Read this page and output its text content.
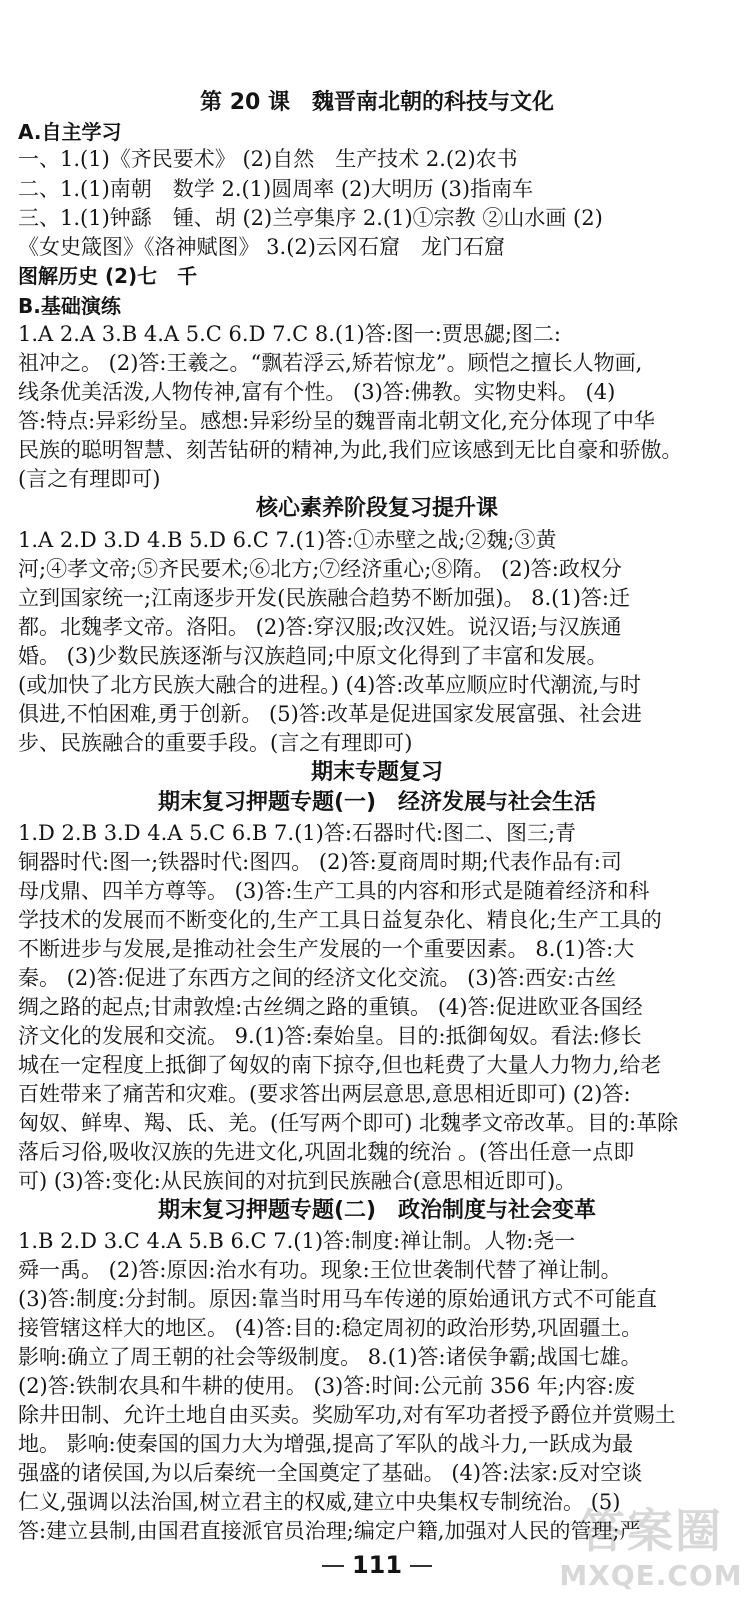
第 20 课　魏晋南北朝的科技与文化
A.自主学习
一、1.(1)《齐民要术》 (2)自然　生产技术 2.(2)农书
二、1.(1)南朝　数学 2.(1)圆周率 (2)大明历 (3)指南车
三、1.(1)钟繇　锺、胡 (2)兰亭集序 2.(1)①宗教 ②山水画 (2)
《女史箴图》《洛神赋图》 3.(2)云冈石窟　龙门石窟
图解历史 (2)七　千
B.基础演练
1.A 2.A 3.B 4.A 5.C 6.D 7.C 8.(1)答:图一:贾思勰;图二:
祖冲之。 (2)答:王羲之。“飘若浮云,矫若惊龙”。顾恺之擅长人物画,
线条优美活泼,人物传神,富有个性。 (3)答:佛教。实物史料。 (4)
答:特点:异彩纷呈。感想:异彩纷呈的魏晋南北朝文化,充分体现了中华
民族的聪明智慧、刻苦钻研的精神,为此,我们应该感到无比自豪和骄傲。
(言之有理即可)
核心素养阶段复习提升课
1.A 2.D 3.D 4.B 5.D 6.C 7.(1)答:①赤壁之战;②魏;③黄
河;④孝文帝;⑤齐民要术;⑥北方;⑦经济重心;⑧隋。 (2)答:政权分
立到国家统一;江南逐步开发(民族融合趋势不断加强)。 8.(1)答:迁
都。北魏孝文帝。洛阳。 (2)答:穿汉服;改汉姓。说汉语;与汉族通
婚。 (3)少数民族逐渐与汉族趋同;中原文化得到了丰富和发展。
(或加快了北方民族大融合的进程。) (4)答:改革应顺应时代潮流,与时
俱进,不怕困难,勇于创新。 (5)答:改革是促进国家发展富强、社会进
步、民族融合的重要手段。(言之有理即可)
期末专题复习
期末复习押题专题(一)　经济发展与社会生活
1.D 2.B 3.D 4.A 5.C 6.B 7.(1)答:石器时代:图二、图三;青
铜器时代:图一;铁器时代:图四。 (2)答:夏商周时期;代表作品有:司
母戊鼎、四羊方尊等。 (3)答:生产工具的内容和形式是随着经济和科
学技术的发展而不断变化的,生产工具日益复杂化、精良化;生产工具的
不断进步与发展,是推动社会生产发展的一个重要因素。 8.(1)答:大
秦。 (2)答:促进了东西方之间的经济文化交流。 (3)答:西安:古丝
绸之路的起点;甘肃敦煌:古丝绸之路的重镇。 (4)答:促进欧亚各国经
济文化的发展和交流。 9.(1)答:秦始皇。目的:抵御匈奴。看法:修长
城在一定程度上抵御了匈奴的南下掠夺,但也耗费了大量人力物力,给老
百姓带来了痛苦和灾难。(要求答出两层意思,意思相近即可) (2)答:
匈奴、鲜卑、羯、氐、羌。(任写两个即可) 北魏孝文帝改革。目的:革除
落后习俗,吸收汉族的先进文化,巩固北魏的统治 。(答出任意一点即
可) (3)答:变化:从民族间的对抗到民族融合(意思相近即可)。
期末复习押题专题(二)　政治制度与社会变革
1.B 2.D 3.C 4.A 5.B 6.C 7.(1)答:制度:禅让制。人物:尧一
舜一禹。 (2)答:原因:治水有功。现象:王位世袭制代替了禅让制。
(3)答:制度:分封制。原因:靠当时用马车传递的原始通讯方式不可能直
接管辖这样大的地区。 (4)答:目的:稳定周初的政治形势,巩固疆土。
影响:确立了周王朝的社会等级制度。 8.(1)答:诸侯争霸;战国七雄。
(2)答:铁制农具和牛耕的使用。 (3)答:时间:公元前 356 年;内容:废
除井田制、允许土地自由买卖。奖励军功,对有军功者授予爵位并赏赐土
地。 影响:使秦国的国力大为增强,提高了军队的战斗力,一跃成为最
强盛的诸侯国,为以后秦统一全国奠定了基础。 (4)答:法家:反对空谈
仁义,强调以法治国,树立君主的权威,建立中央集权专制统治。 (5)
答:建立县制,由国君直接派官员治理;编定户籍,加强对人民的管理;严
111
答案圈
MXQE.COM
